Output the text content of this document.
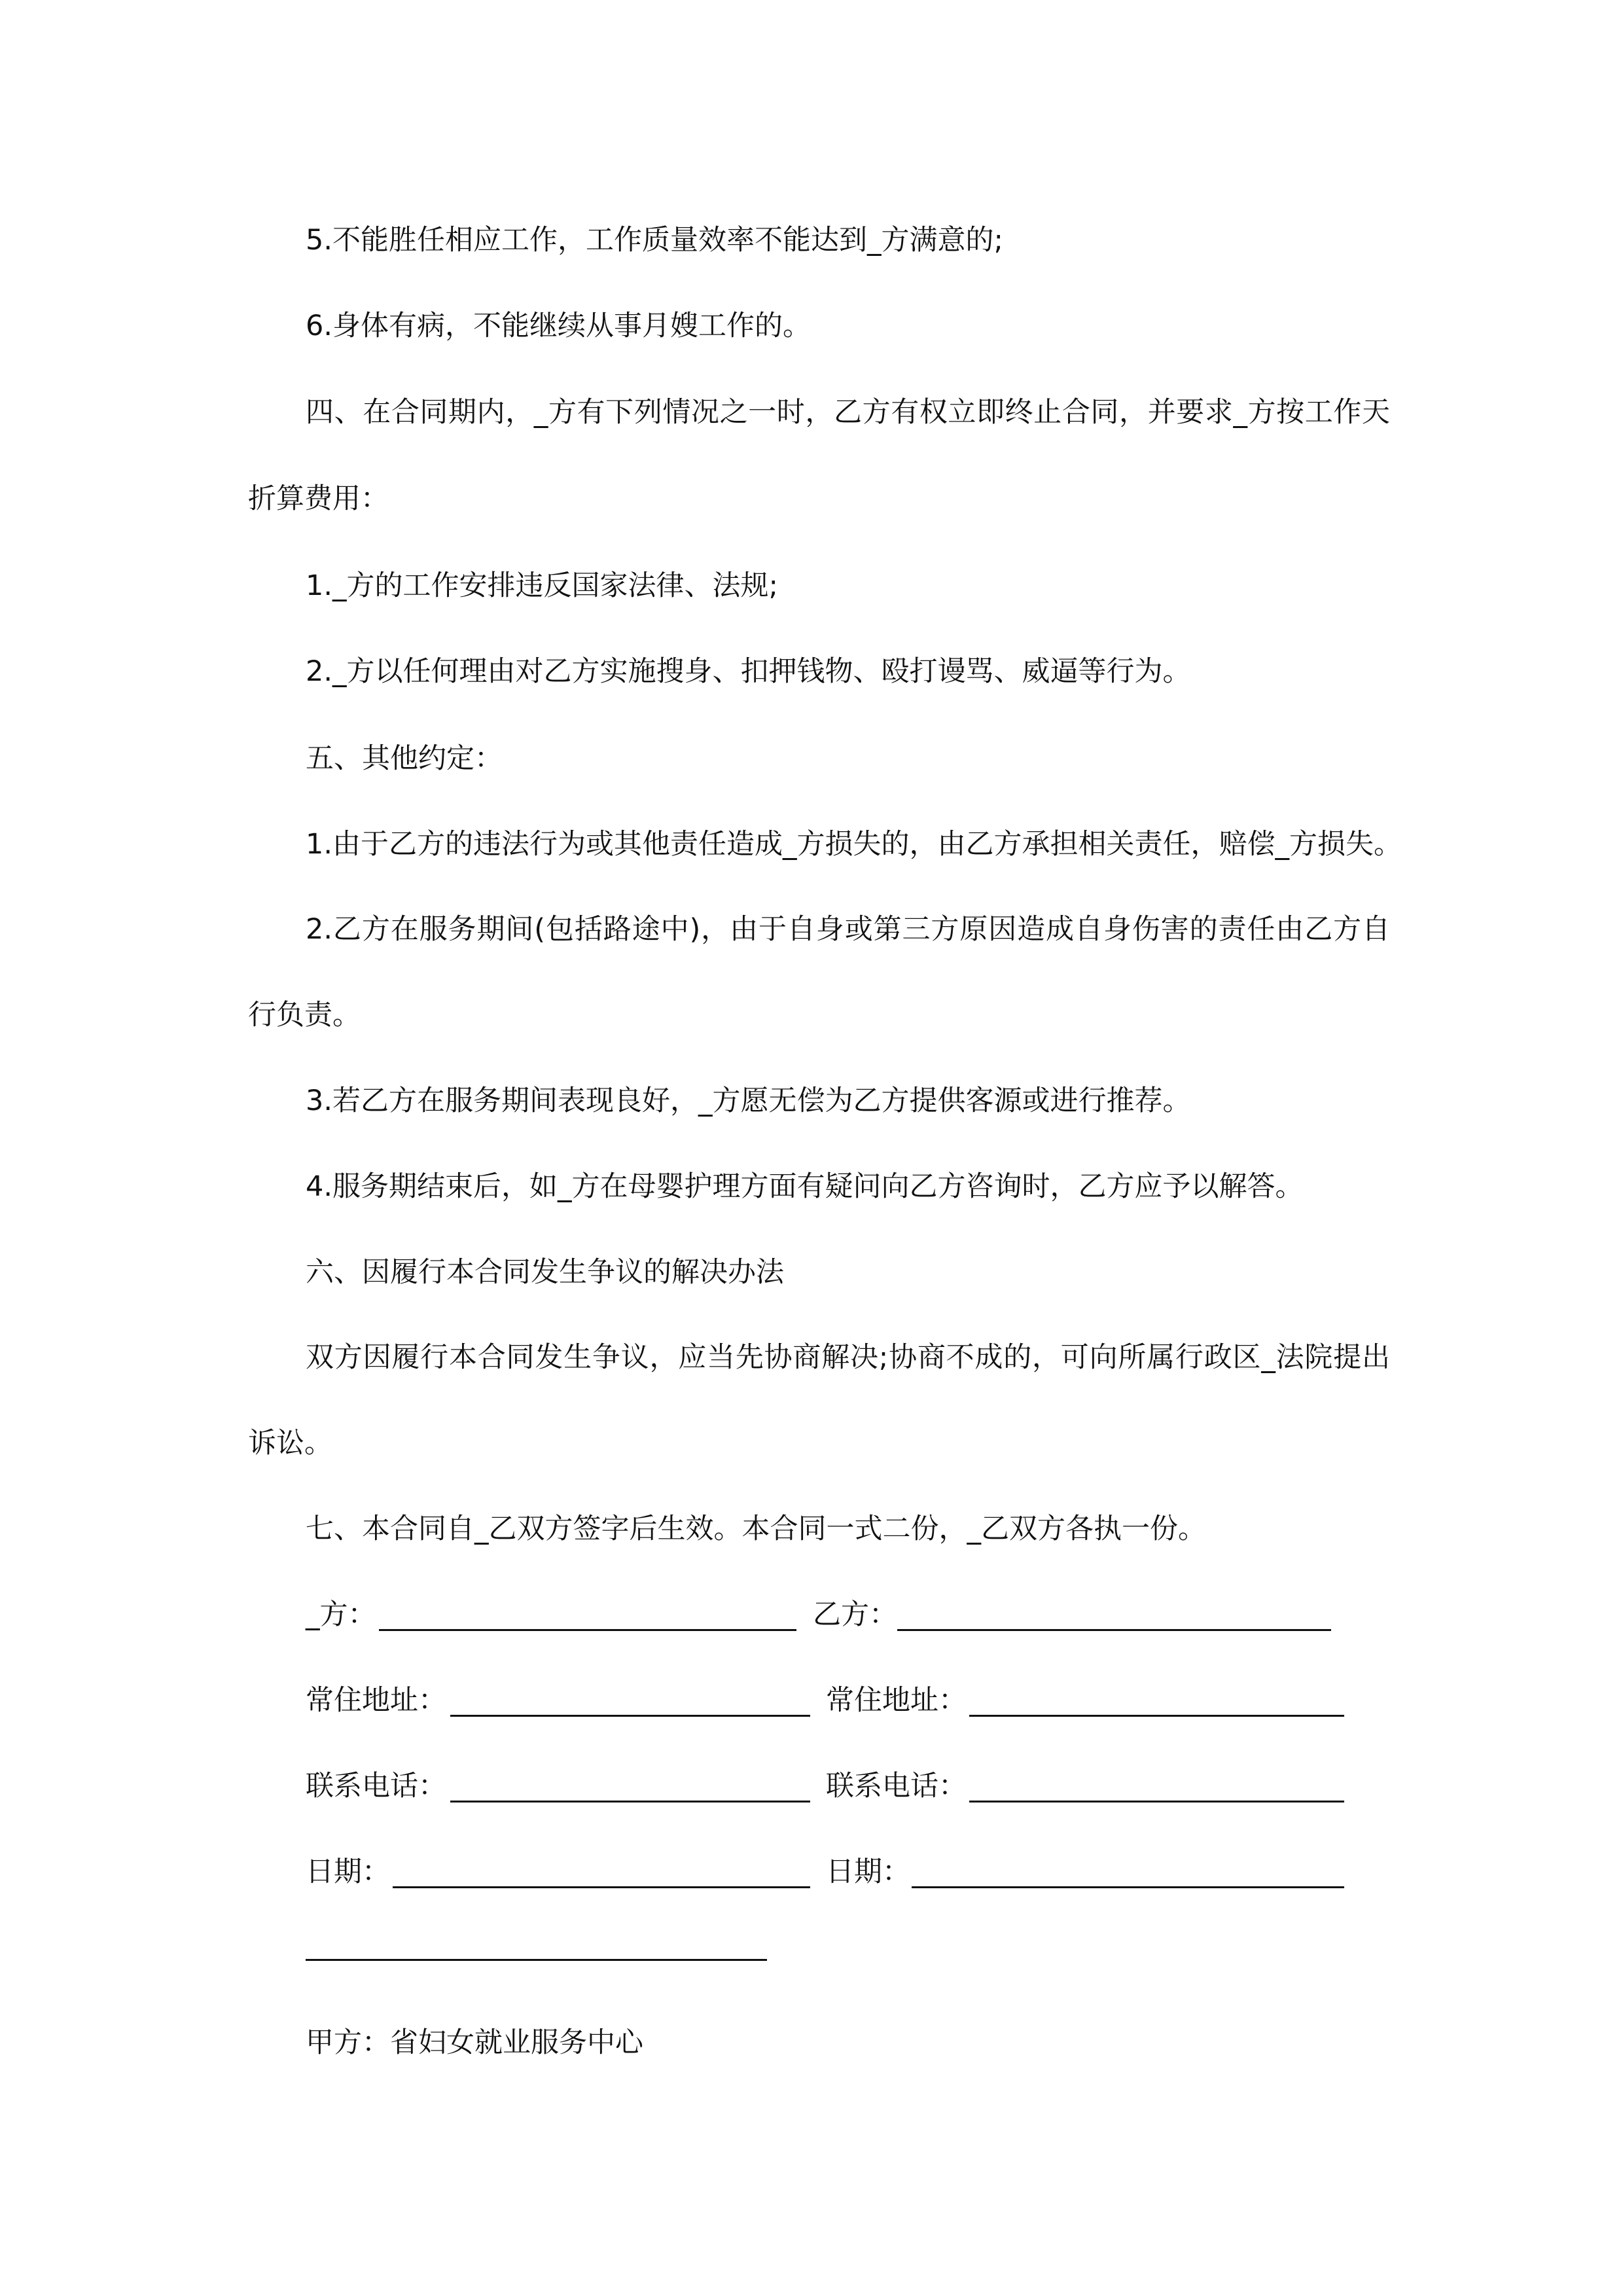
5.不能胜任相应工作，工作质量效率不能达到_方满意的;
6.身体有病，不能继续从事月嫂工作的。
四、在合同期内，_方有下列情况之一时，乙方有权立即终止合同，并要求_方按工作天
折算费用：
1._方的工作安排违反国家法律、法规;
2._方以任何理由对乙方实施搜身、扣押钱物、殴打谩骂、威逼等行为。
五、其他约定：
1.由于乙方的违法行为或其他责任造成_方损失的，由乙方承担相关责任，赔偿_方损失。
2.乙方在服务期间(包括路途中)，由于自身或第三方原因造成自身伤害的责任由乙方自
行负责。
3.若乙方在服务期间表现良好，_方愿无偿为乙方提供客源或进行推荐。
4.服务期结束后，如_方在母婴护理方面有疑问向乙方咨询时，乙方应予以解答。
六、因履行本合同发生争议的解决办法
双方因履行本合同发生争议，应当先协商解决;协商不成的，可向所属行政区_法院提出
诉讼。
七、本合同自_乙双方签字后生效。本合同一式二份，_乙双方各执一份。
_方：	乙方：
常住地址：	常住地址：
联系电话：	联系电话：
日期：	日期：
甲方：省妇女就业服务中心
